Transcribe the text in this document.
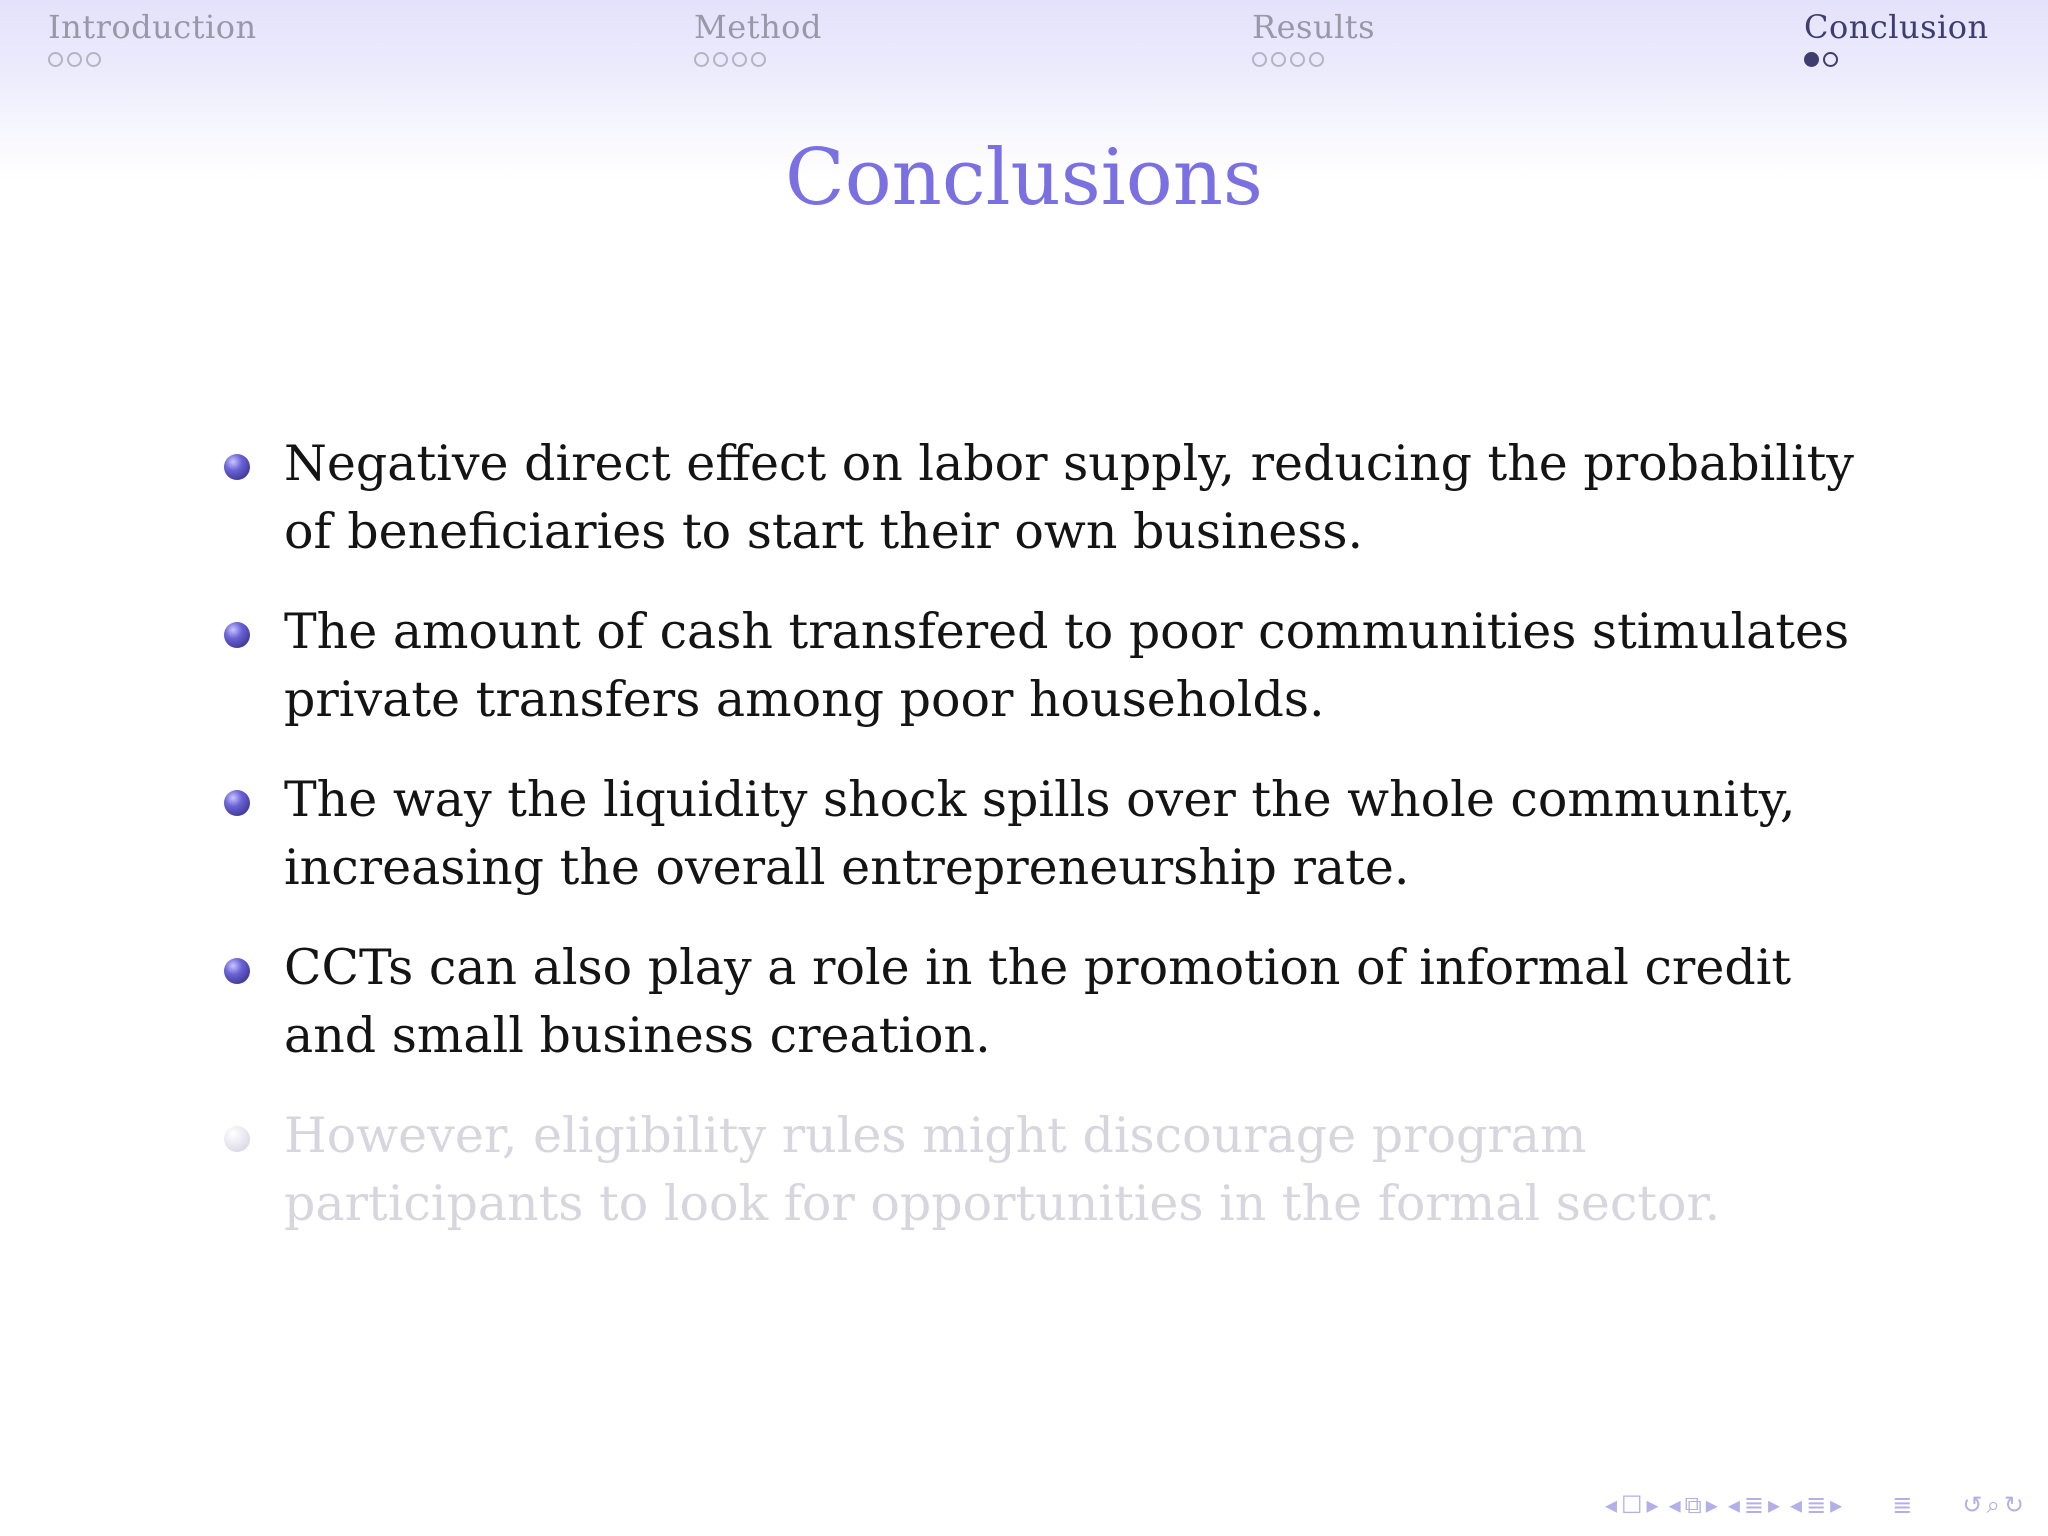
Introduction	Method	Results	Conclusion
Conclusions
Negative direct effect on labor supply, reducing the probability of beneficiaries to start their own business.
The amount of cash transfered to poor communities stimulates private transfers among poor households.
The way the liquidity shock spills over the whole community, increasing the overall entrepreneurship rate.
CCTs can also play a role in the promotion of informal credit and small business creation.
However, eligibility rules might discourage program participants to look for opportunities in the formal sector.
◂ ☐ ▸ ◂ ⧉ ▸ ◂ ≣ ▸ ◂ ≣ ▸ ≣ ↺ ⌕ ↻
